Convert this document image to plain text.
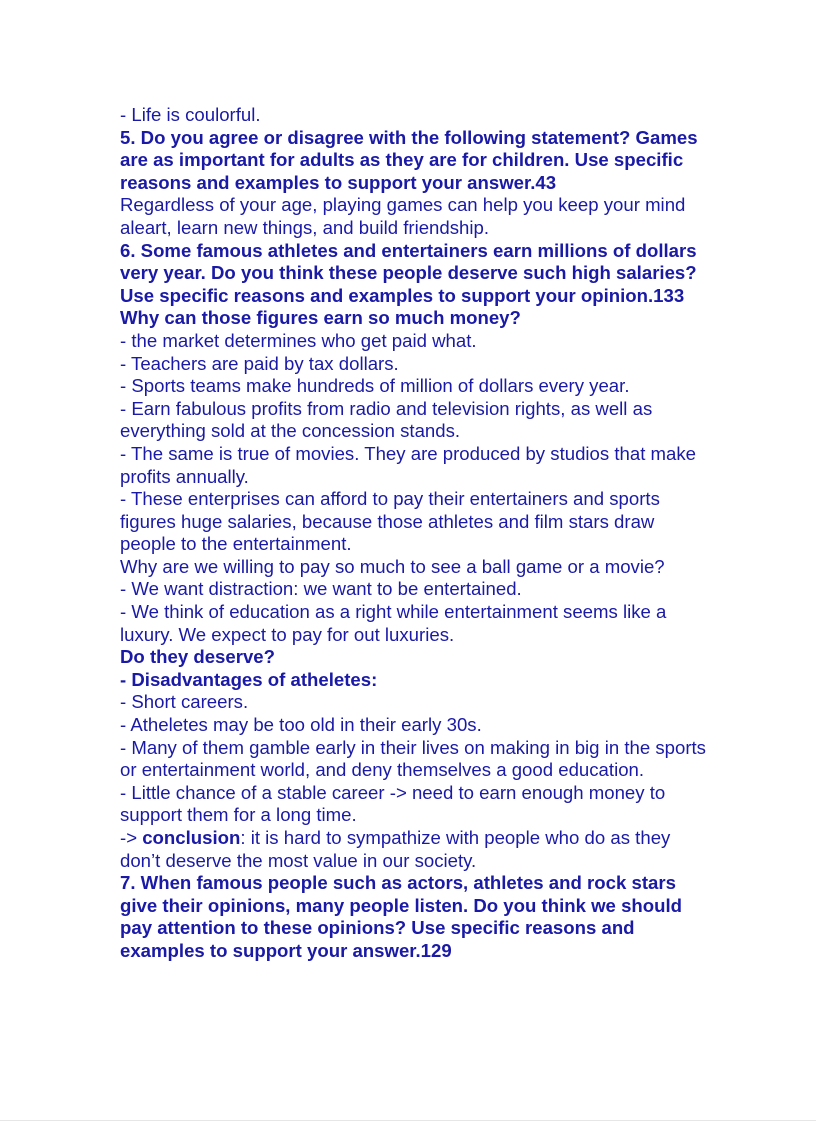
- Life is coulorful.

5. Do you agree or disagree with the following statement? Games are as important for adults as they are for children. Use specific reasons and examples to support your answer.43

Regardless of your age, playing games can help you keep your mind aleart, learn new things, and build friendship.

6. Some famous athletes and entertainers earn millions of dollars very year. Do you think these people deserve such high salaries? Use specific reasons and examples to support your opinion.133

Why can those figures earn so much money?

- the market determines who get paid what.

- Teachers are paid by tax dollars.

- Sports teams make hundreds of million of dollars every year.

- Earn fabulous profits from radio and television rights, as well as everything sold at the concession stands.

- The same is true of movies. They are produced by studios that make profits annually.

- These enterprises can afford to pay their entertainers and sports figures huge salaries, because those athletes and film stars draw people to the entertainment.

Why are we willing to pay so much to see a ball game or a movie?

- We want distraction: we want to be entertained.

- We think of education as a right while entertainment seems like a luxury. We expect to pay for out luxuries.

Do they deserve?

- Disadvantages of atheletes:

- Short careers.

- Atheletes may be too old in their early 30s.

- Many of them gamble early in their lives on making in big in the sports or entertainment world, and deny themselves a good education.

- Little chance of a stable career -> need to earn enough money to support them for a long time.

-> conclusion: it is hard to sympathize with people who do as they don’t deserve the most value in our society.

7. When famous people such as actors, athletes and rock stars give their opinions, many people listen. Do you think we should pay attention to these opinions? Use specific reasons and examples to support your answer.129
